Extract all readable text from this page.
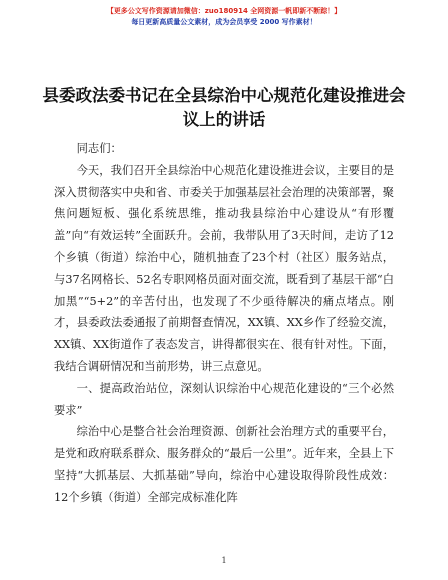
【更多公文写作资源请加微信：zuo180914 全网资源一帆即新不断踪！】
每日更新高质量公文素材，成为会员享受 2000 写作素材！
县委政法委书记在全县综治中心规范化建设推进会议上的讲话

同志们：

今天，我们召开全县综治中心规范化建设推进会议，主要目的是深入贯彻落实中央和省、市委关于加强基层社会治理的决策部署，聚焦问题短板、强化系统思维，推动我县综治中心建设从“有形覆盖”向“有效运转”全面跃升。会前，我带队用了3天时间，走访了12个乡镇（街道）综治中心，随机抽查了23个村（社区）服务站点，与37名网格长、52名专职网格员面对面交流，既看到了基层干部“白加黑”“5+2”的辛苦付出，也发现了不少亟待解决的痛点堵点。刚才，县委政法委通报了前期督查情况，XX镇、XX乡作了经验交流，XX镇、XX街道作了表态发言，讲得都很实在、很有针对性。下面，我结合调研情况和当前形势，讲三点意见。

一、提高政治站位，深刻认识综治中心规范化建设的“三个必然要求”

综治中心是整合社会治理资源、创新社会治理方式的重要平台，是党和政府联系群众、服务群众的“最后一公里”。近年来，全县上下坚持“大抓基层、大抓基础”导向，综治中心建设取得阶段性成效：12个乡镇（街道）全部完成标准化阵

1
